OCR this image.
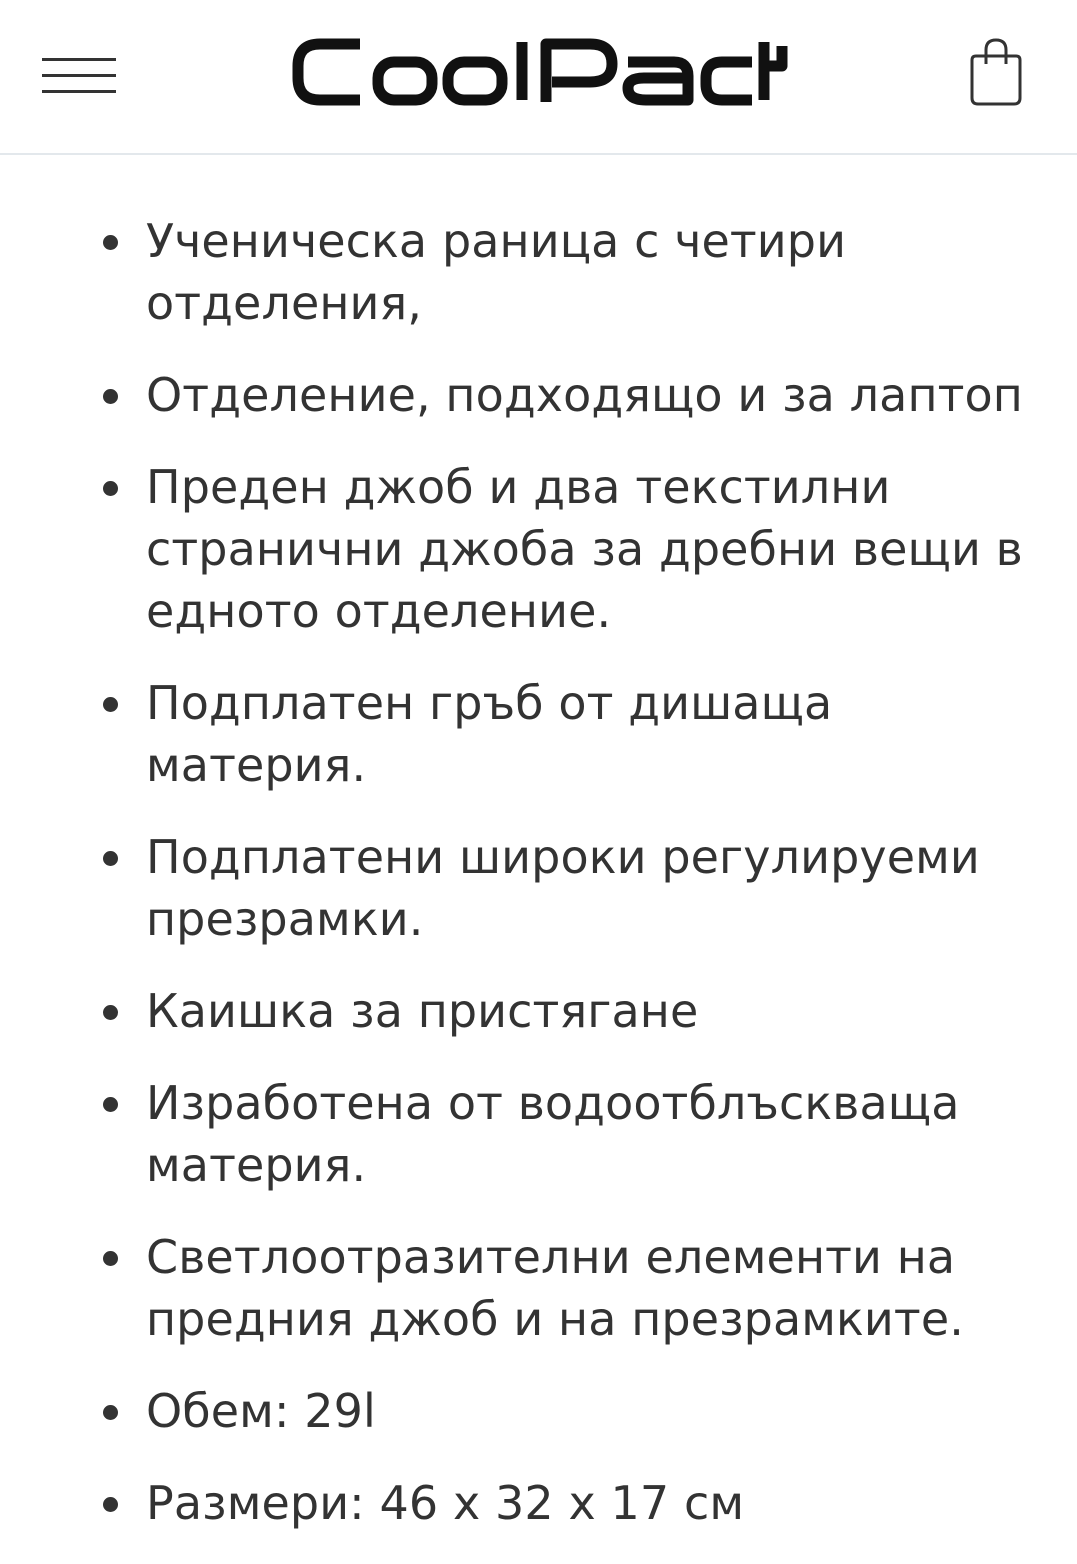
Ученическа раница с четири отделения,
Отделение, подходящо и за лаптоп
Преден джоб и два текстилни странични джоба за дребни вещи в едното отделение.
Подплатен гръб от дишаща материя.
Подплатени широки регулируеми презрамки.
Каишка за пристягане
Изработена от водоотблъскваща материя.
Светлоотразителни елементи на предния джоб и на презрамките.
Обем: 29l
Размери: 46 x 32 x 17 см
